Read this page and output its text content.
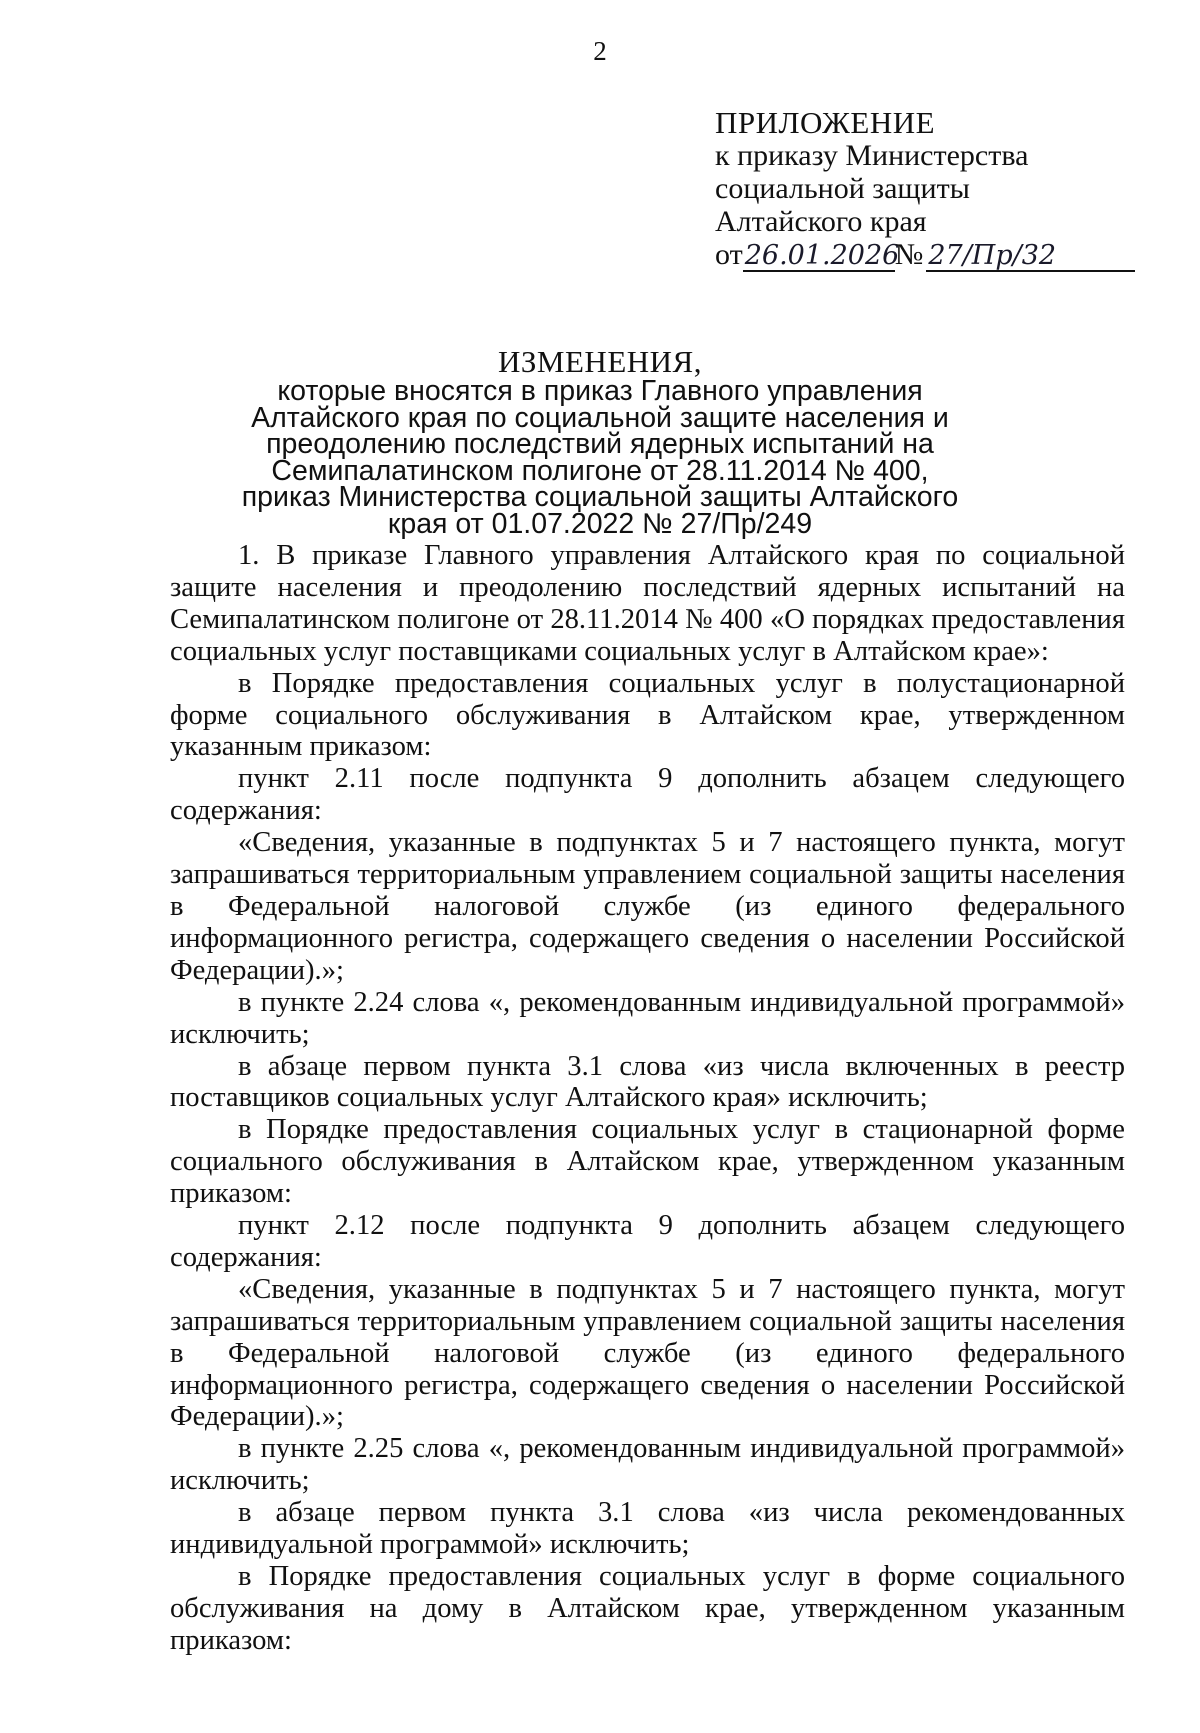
2
ПРИЛОЖЕНИЕ
к приказу Министерства
социальной защиты
Алтайского края
от 26.01.2026
№ 27/Пр/32
ИЗМЕНЕНИЯ,
которые вносятся в приказ Главного управления Алтайского края по социальной защите населения и преодолению последствий ядерных испытаний на Семипалатинском полигоне от 28.11.2014 № 400, приказ Министерства социальной защиты Алтайского края от 01.07.2022 № 27/Пр/249

1. В приказе Главного управления Алтайского края по социальной защите населения и преодолению последствий ядерных испытаний на Семипалатинском полигоне от 28.11.2014 № 400 «О порядках предоставления социальных услуг поставщиками социальных услуг в Алтайском крае»:

в Порядке предоставления социальных услуг в полустационарной форме социального обслуживания в Алтайском крае, утвержденном указанным приказом:

пункт 2.11 после подпункта 9 дополнить абзацем следующего содержания:

«Сведения, указанные в подпунктах 5 и 7 настоящего пункта, могут запрашиваться территориальным управлением социальной защиты населения в Федеральной налоговой службе (из единого федерального информационного регистра, содержащего сведения о населении Российской Федерации).»;

в пункте 2.24 слова «, рекомендованным индивидуальной программой» исключить;

в абзаце первом пункта 3.1 слова «из числа включенных в реестр поставщиков социальных услуг Алтайского края» исключить;

в Порядке предоставления социальных услуг в стационарной форме социального обслуживания в Алтайском крае, утвержденном указанным приказом:

пункт 2.12 после подпункта 9 дополнить абзацем следующего содержания:

«Сведения, указанные в подпунктах 5 и 7 настоящего пункта, могут запрашиваться территориальным управлением социальной защиты населения в Федеральной налоговой службе (из единого федерального информационного регистра, содержащего сведения о населении Российской Федерации).»;

в пункте 2.25 слова «, рекомендованным индивидуальной программой» исключить;

в абзаце первом пункта 3.1 слова «из числа рекомендованных индивидуальной программой» исключить;

в Порядке предоставления социальных услуг в форме социального обслуживания на дому в Алтайском крае, утвержденном указанным приказом:
